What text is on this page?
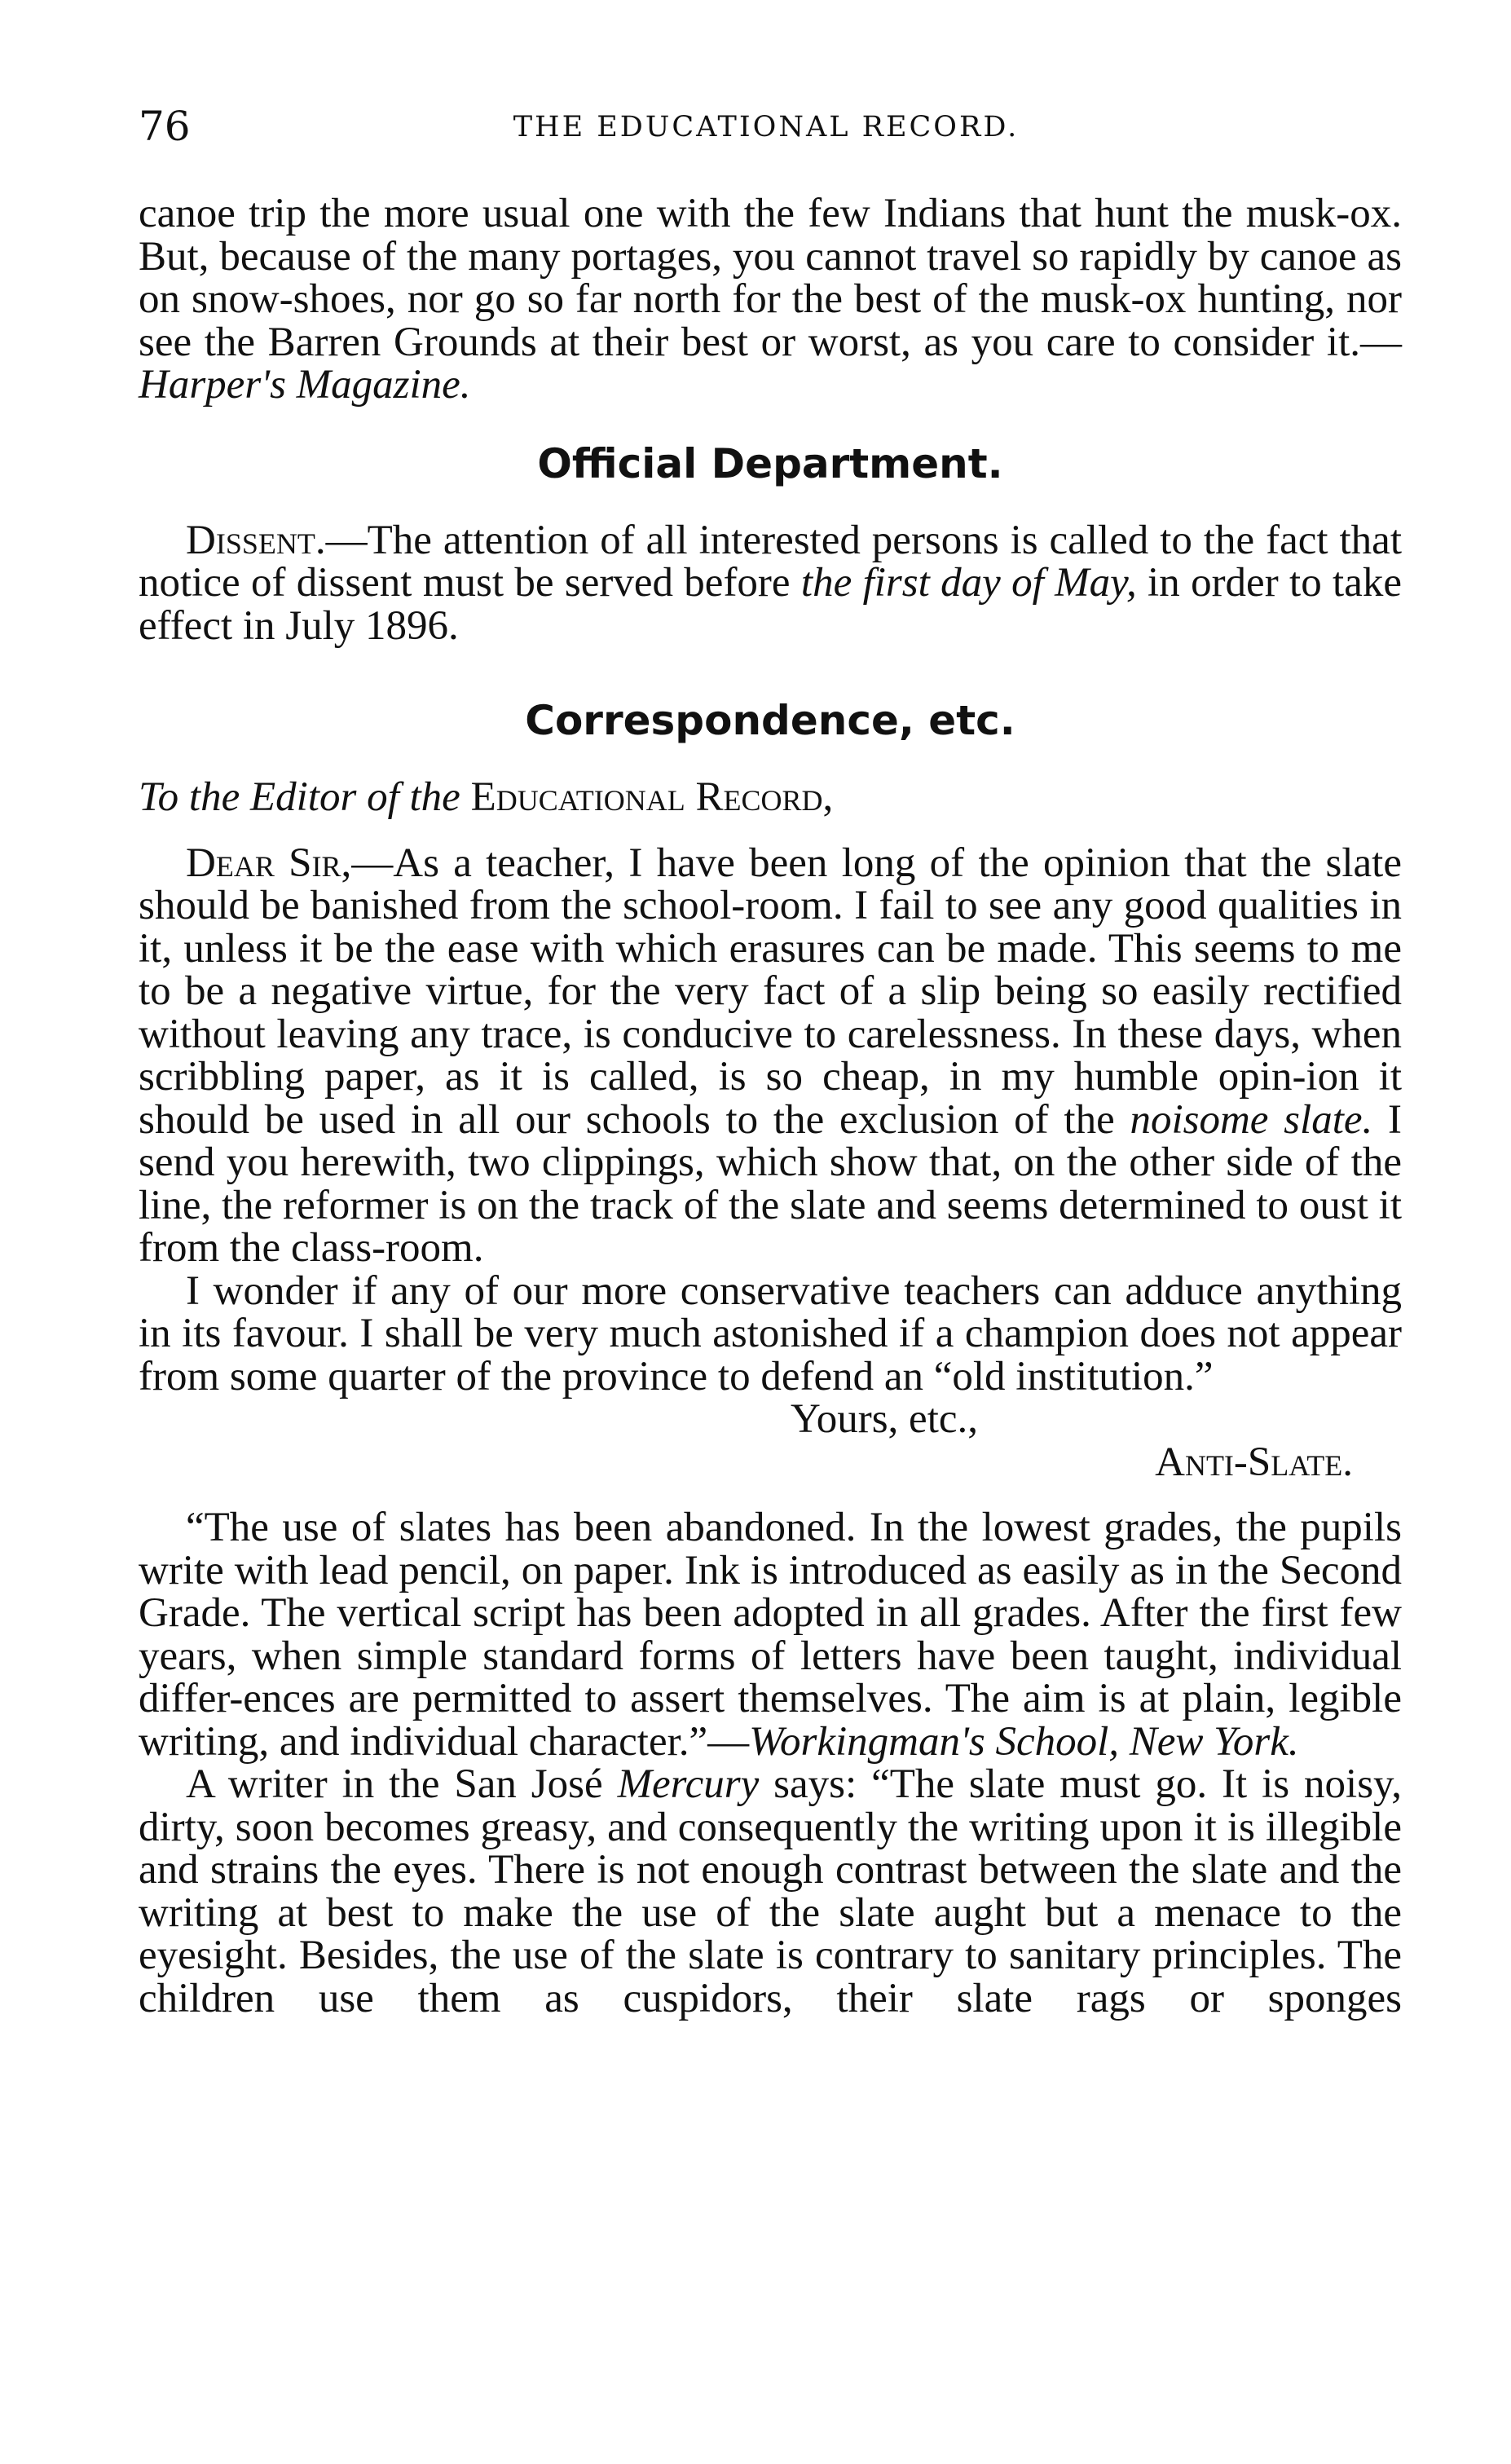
76	THE EDUCATIONAL RECORD.

canoe trip the more usual one with the few Indians that hunt the musk-ox. But, because of the many portages, you cannot travel so rapidly by canoe as on snow-shoes, nor go so far north for the best of the musk-ox hunting, nor see the Barren Grounds at their best or worst, as you care to consider it.—Harper's Magazine.

Official Department.

Dissent.—The attention of all interested persons is called to the fact that notice of dissent must be served before the first day of May, in order to take effect in July 1896.

Correspondence, etc.

To the Editor of the Educational Record,

Dear Sir,—As a teacher, I have been long of the opinion that the slate should be banished from the school-room. I fail to see any good qualities in it, unless it be the ease with which erasures can be made. This seems to me to be a negative virtue, for the very fact of a slip being so easily rectified without leaving any trace, is conducive to carelessness. In these days, when scribbling paper, as it is called, is so cheap, in my humble opin-ion it should be used in all our schools to the exclusion of the noisome slate. I send you herewith, two clippings, which show that, on the other side of the line, the reformer is on the track of the slate and seems determined to oust it from the class-room.

I wonder if any of our more conservative teachers can adduce anything in its favour. I shall be very much astonished if a champion does not appear from some quarter of the province to defend an “old institution.”

Yours, etc.,

Anti-Slate.

“The use of slates has been abandoned. In the lowest grades, the pupils write with lead pencil, on paper. Ink is introduced as easily as in the Second Grade. The vertical script has been adopted in all grades. After the first few years, when simple standard forms of letters have been taught, individual differ-ences are permitted to assert themselves. The aim is at plain, legible writing, and individual character.”—Workingman's School, New York.

A writer in the San José Mercury says: “The slate must go. It is noisy, dirty, soon becomes greasy, and consequently the writing upon it is illegible and strains the eyes. There is not enough contrast between the slate and the writing at best to make the use of the slate aught but a menace to the eyesight. Besides, the use of the slate is contrary to sanitary principles. The children use them as cuspidors, their slate rags or sponges
